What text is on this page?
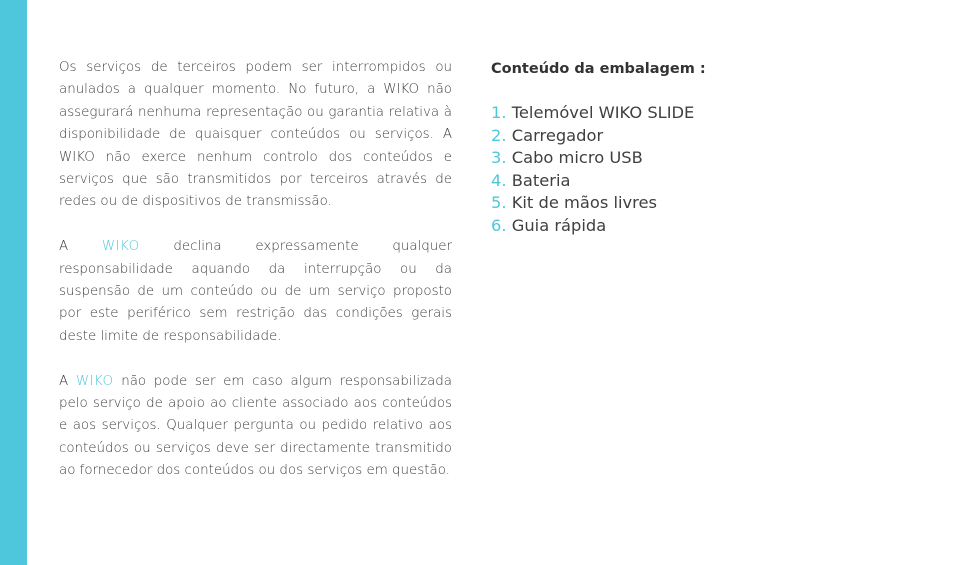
Os serviços de terceiros podem ser interrompidos ou anulados a qualquer momento. No futuro, a WIKO não assegurará nenhuma representação ou garantia relativa à disponibilidade de quaisquer conteúdos ou serviços. A WIKO não exerce nenhum controlo dos conteúdos e serviços que são transmitidos por terceiros através de redes ou de dispositivos de transmissão.

A	WIKO	declina expressamente qualquer responsabilidade aquando da interrupção ou da suspensão de um conteúdo ou de um serviço proposto por este periférico sem restrição das condições gerais deste limite de responsabilidade.

A WIKO não pode ser em caso algum responsabilizada pelo serviço de apoio ao cliente associado aos conteúdos e aos serviços. Qualquer pergunta ou pedido relativo aos conteúdos ou serviços deve ser directamente transmitido ao fornecedor dos conteúdos ou dos serviços em questão.

Conteúdo da embalagem :
1. Telemóvel WIKO SLIDE
2. Carregador
3. Cabo micro USB
4. Bateria
5. Kit de mãos livres
6. Guia rápida
